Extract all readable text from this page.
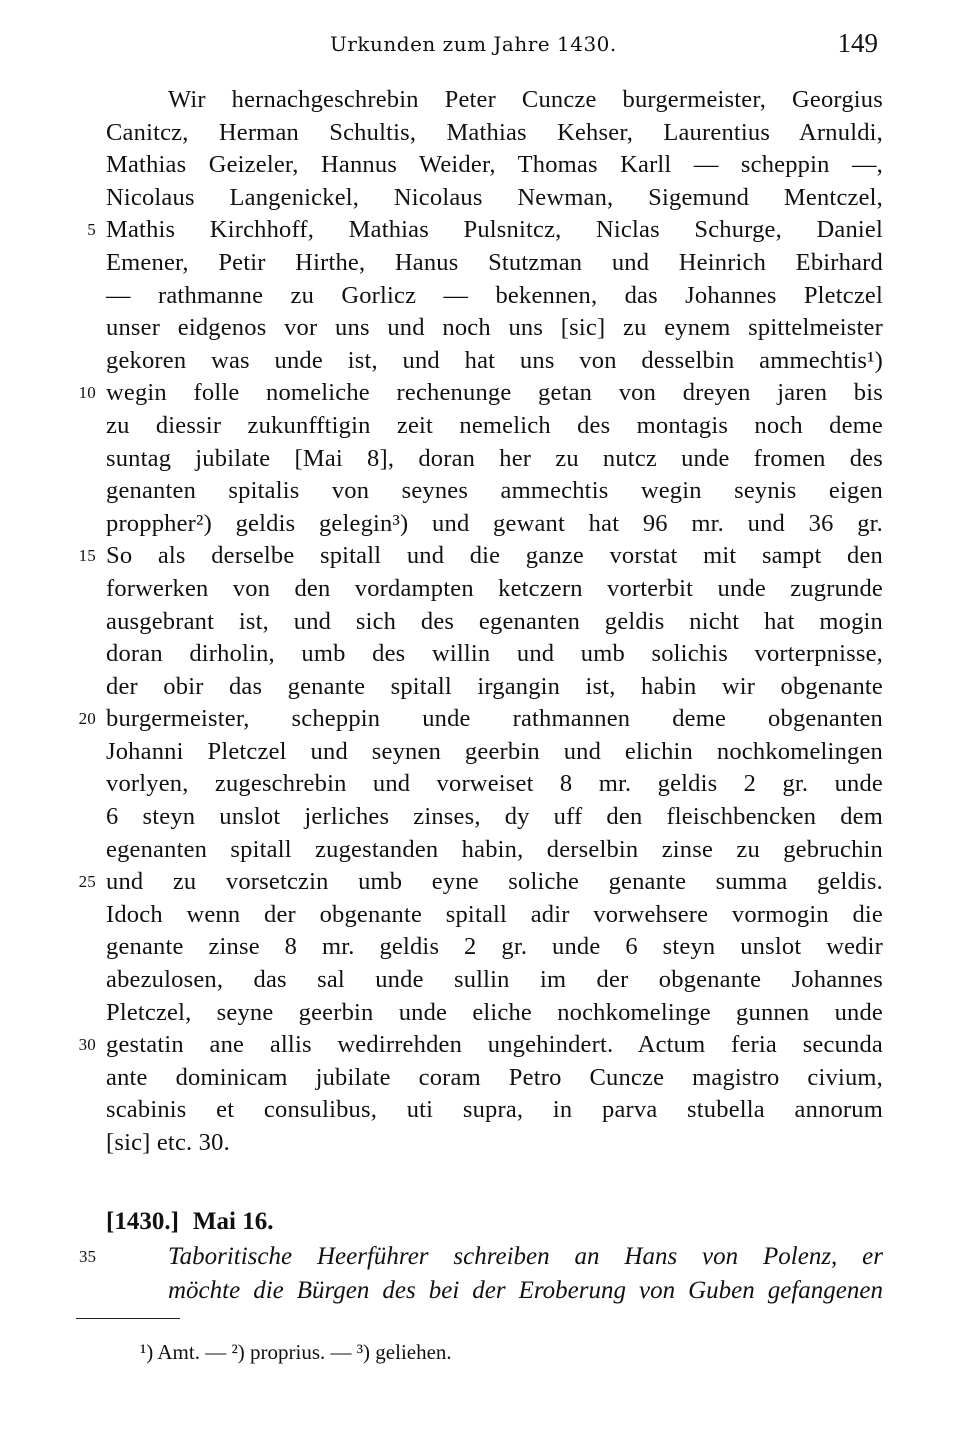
Urkunden zum Jahre 1430.	149
Wir hernachgeschrebin Peter Cuncze burgermeister, Georgius
Canitcz, Herman Schultis, Mathias Kehser, Laurentius Arnuldi,
Mathias Geizeler, Hannus Weider, Thomas Karll — scheppin —,
Nicolaus Langenickel, Nicolaus Newman, Sigemund Mentczel,
5 Mathis Kirchhoff, Mathias Pulsnitcz, Niclas Schurge, Daniel
Emener, Petir Hirthe, Hanus Stutzman und Heinrich Ebirhard
— rathmanne zu Gorlicz — bekennen, das Johannes Pletczel
unser eidgenos vor uns und noch uns [sic] zu eynem spittelmeister
gekoren was unde ist, und hat uns von desselbin ammechtis¹)
10 wegin folle nomeliche rechenunge getan von dreyen jaren bis
zu diessir zukunfftigin zeit nemelich des montagis noch deme
suntag jubilate [Mai 8], doran her zu nutcz unde fromen des
genanten spitalis von seynes ammechtis wegin seynis eigen
proppher²) geldis gelegin³) und gewant hat 96 mr. und 36 gr.
15 So als derselbe spitall und die ganze vorstat mit sampt den
forwerken von den vordampten ketczern vorterbit unde zugrunde
ausgebrant ist, und sich des egenanten geldis nicht hat mogin
doran dirholin, umb des willin und umb solichis vorterpnisse,
der obir das genante spitall irgangin ist, habin wir obgenante
20 burgermeister, scheppin unde rathmannen deme obgenanten
Johanni Pletczel und seynen geerbin und elichin nochkomelingen
vorlyen, zugeschrebin und vorweiset 8 mr. geldis 2 gr. unde
6 steyn unslot jerliches zinses, dy uff den fleischbencken dem
egenanten spitall zugestanden habin, derselbin zinse zu gebruchin
25 und zu vorsetczin umb eyne soliche genante summa geldis.
Idoch wenn der obgenante spitall adir vorwehsere vormogin die
genante zinse 8 mr. geldis 2 gr. unde 6 steyn unslot wedir
abezulosen, das sal unde sullin im der obgenante Johannes
Pletczel, seyne geerbin unde eliche nochkomelinge gunnen unde
30 gestatin ane allis wedirrehden ungehindert. Actum feria secunda
ante dominicam jubilate coram Petro Cuncze magistro civium,
scabinis et consulibus, uti supra, in parva stubella annorum
[sic] etc. 30.
[1430.] Mai 16.
35	Taboritische Heerführer schreiben an Hans von Polenz, er
möchte die Bürgen des bei der Eroberung von Guben gefangenen
¹) Amt. — ²) proprius. — ³) geliehen.
